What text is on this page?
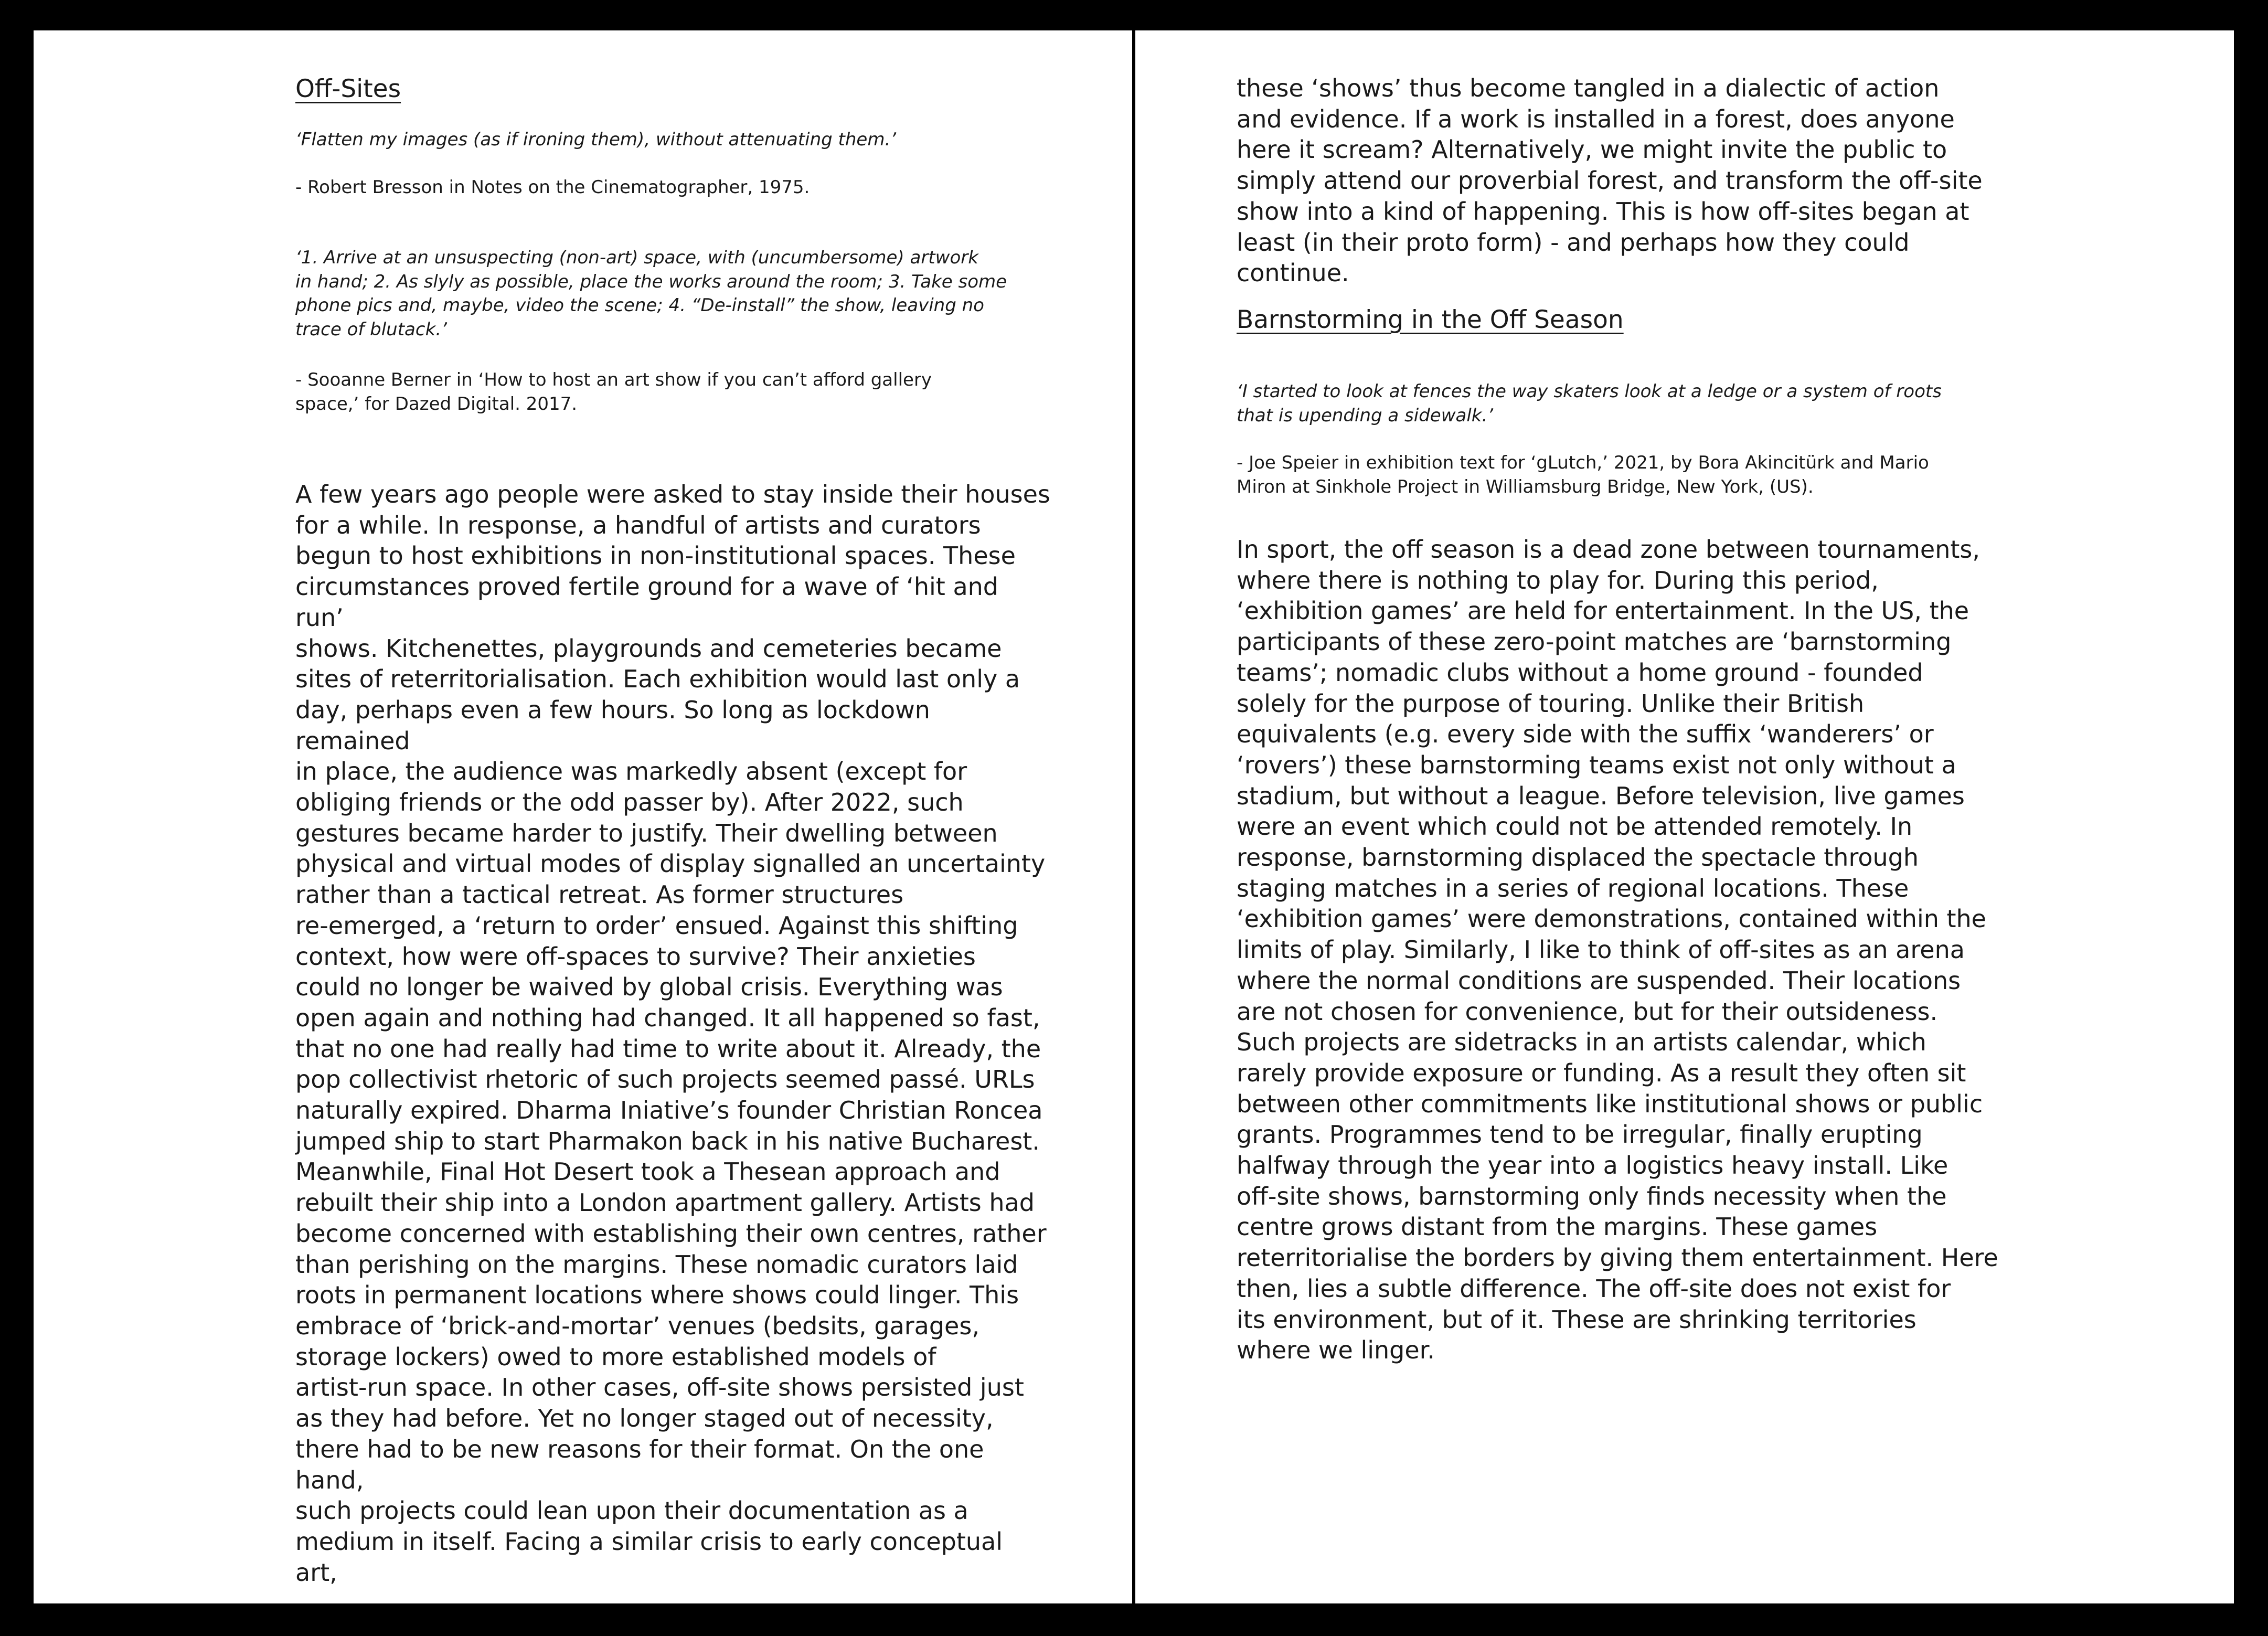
Off-Sites

‘Flatten my images (as if ironing them), without attenuating them.’

- Robert Bresson in Notes on the Cinematographer, 1975.

‘1. Arrive at an unsuspecting (non-art) space, with (uncumbersome) artwork
in hand; 2. As slyly as possible, place the works around the room; 3. Take some
phone pics and, maybe, video the scene; 4. “De-install” the show, leaving no
trace of blutack.’

- Sooanne Berner in ‘How to host an art show if you can’t afford gallery
space,’ for Dazed Digital. 2017.

A few years ago people were asked to stay inside their houses
for a while. In response, a handful of artists and curators
begun to host exhibitions in non-institutional spaces. These
circumstances proved fertile ground for a wave of ‘hit and run’
shows. Kitchenettes, playgrounds and cemeteries became
sites of reterritorialisation. Each exhibition would last only a
day, perhaps even a few hours. So long as lockdown remained
in place, the audience was markedly absent (except for
obliging friends or the odd passer by). After 2022, such
gestures became harder to justify. Their dwelling between
physical and virtual modes of display signalled an uncertainty
rather than a tactical retreat. As former structures
re-emerged, a ‘return to order’ ensued. Against this shifting
context, how were off-spaces to survive? Their anxieties
could no longer be waived by global crisis. Everything was
open again and nothing had changed. It all happened so fast,
that no one had really had time to write about it. Already, the
pop collectivist rhetoric of such projects seemed passé. URLs
naturally expired. Dharma Iniative’s founder Christian Roncea
jumped ship to start Pharmakon back in his native Bucharest.
Meanwhile, Final Hot Desert took a Thesean approach and
rebuilt their ship into a London apartment gallery. Artists had
become concerned with establishing their own centres, rather
than perishing on the margins. These nomadic curators laid
roots in permanent locations where shows could linger. This
embrace of ‘brick-and-mortar’ venues (bedsits, garages,
storage lockers) owed to more established models of
artist-run space. In other cases, off-site shows persisted just
as they had before. Yet no longer staged out of necessity,
there had to be new reasons for their format. On the one hand,
such projects could lean upon their documentation as a
medium in itself. Facing a similar crisis to early conceptual art,

these ‘shows’ thus become tangled in a dialectic of action
and evidence. If a work is installed in a forest, does anyone
here it scream? Alternatively, we might invite the public to
simply attend our proverbial forest, and transform the off-site
show into a kind of happening. This is how off-sites began at
least (in their proto form) - and perhaps how they could
continue.

Barnstorming in the Off Season

‘I started to look at fences the way skaters look at a ledge or a system of roots
that is upending a sidewalk.’

- Joe Speier in exhibition text for ‘gLutch,’ 2021, by Bora Akincitürk and Mario
Miron at Sinkhole Project in Williamsburg Bridge, New York, (US).

In sport, the off season is a dead zone between tournaments,
where there is nothing to play for. During this period,
‘exhibition games’ are held for entertainment. In the US, the
participants of these zero-point matches are ‘barnstorming
teams’; nomadic clubs without a home ground - founded
solely for the purpose of touring. Unlike their British
equivalents (e.g. every side with the suffix ‘wanderers’ or
‘rovers’) these barnstorming teams exist not only without a
stadium, but without a league. Before television, live games
were an event which could not be attended remotely. In
response, barnstorming displaced the spectacle through
staging matches in a series of regional locations. These
‘exhibition games’ were demonstrations, contained within the
limits of play. Similarly, I like to think of off-sites as an arena
where the normal conditions are suspended. Their locations
are not chosen for convenience, but for their outsideness.
Such projects are sidetracks in an artists calendar, which
rarely provide exposure or funding. As a result they often sit
between other commitments like institutional shows or public
grants. Programmes tend to be irregular, finally erupting
halfway through the year into a logistics heavy install. Like
off-site shows, barnstorming only finds necessity when the
centre grows distant from the margins. These games
reterritorialise the borders by giving them entertainment. Here
then, lies a subtle difference. The off-site does not exist for
its environment, but of it. These are shrinking territories
where we linger.
